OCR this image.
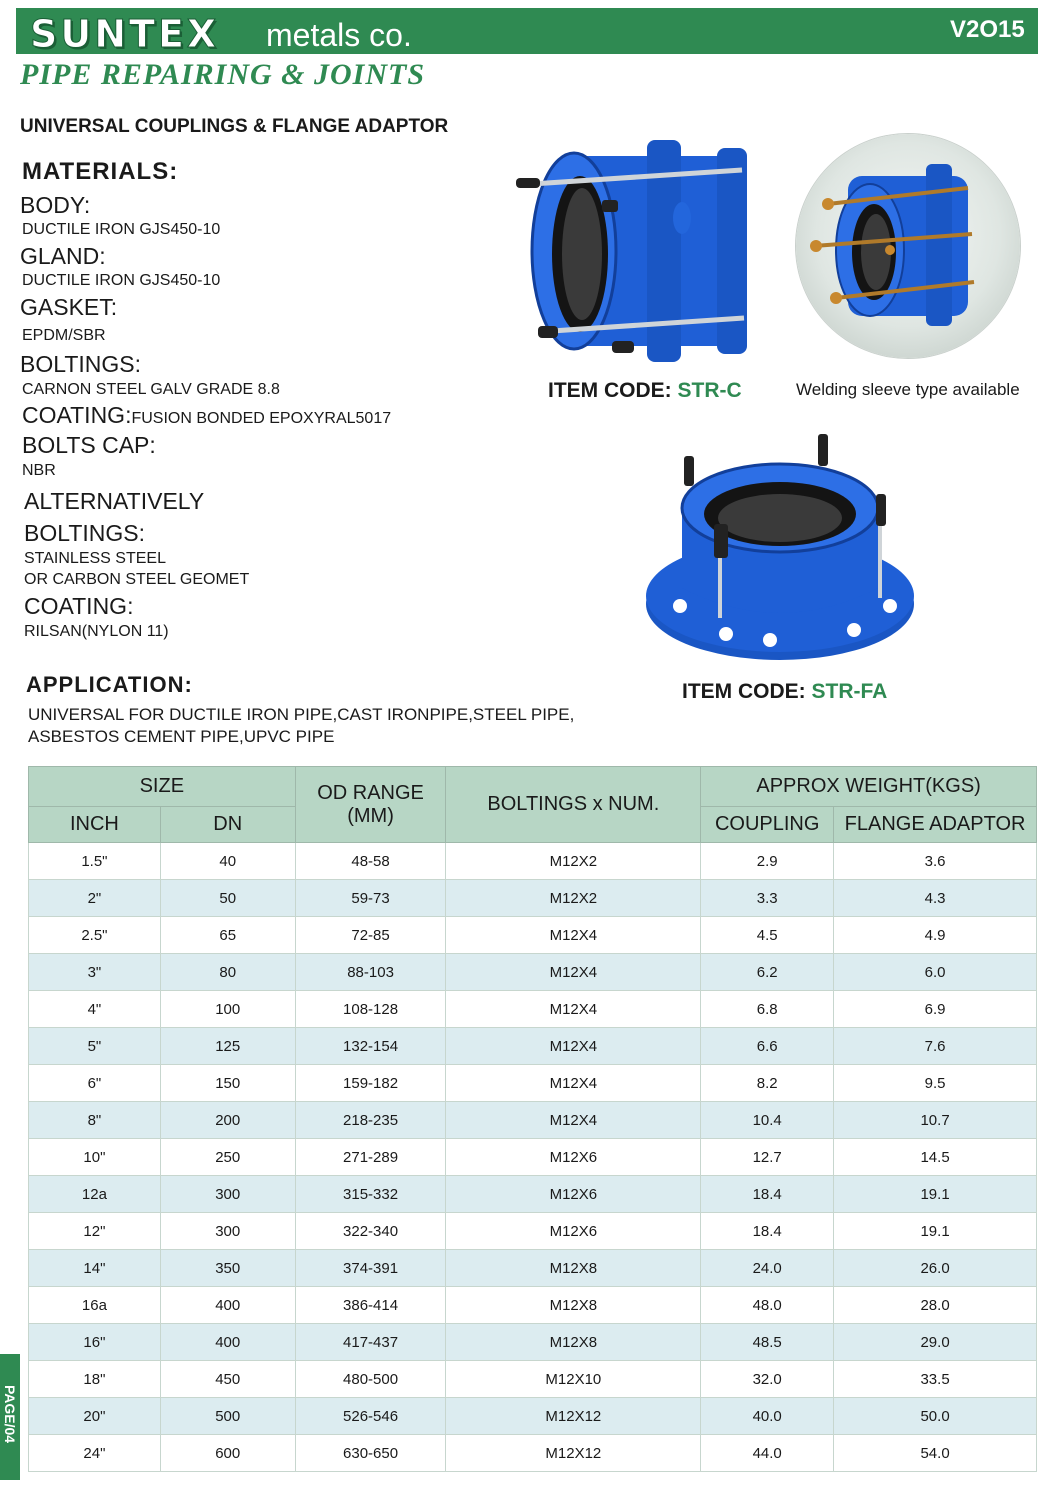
SUNTEX metals co.	V2O15
PIPE REPAIRING & JOINTS
UNIVERSAL COUPLINGS & FLANGE ADAPTOR
MATERIALS:
BODY:
DUCTILE IRON GJS450-10
GLAND:
DUCTILE IRON GJS450-10
GASKET:
EPDM/SBR
BOLTINGS:
CARNON STEEL GALV GRADE 8.8
COATING:FUSION BONDED EPOXYRAL5017
BOLTS CAP:
NBR
ALTERNATIVELY
BOLTINGS:
STAINLESS STEEL
OR CARBON STEEL GEOMET
COATING:
RILSAN(NYLON 11)
APPLICATION:
UNIVERSAL FOR DUCTILE IRON PIPE,CAST IRONPIPE,STEEL PIPE,
ASBESTOS CEMENT PIPE,UPVC PIPE
ITEM CODE: STR-C	Welding sleeve type available
ITEM CODE: STR-FA
SIZE		OD RANGE
(MM)	BOLTINGS x NUM.	APPROX WEIGHT(KGS)	
INCH	DN			COUPLING	FLANGE ADAPTOR
1.5"	40	48-58	M12X2	2.9	3.6
2"	50	59-73	M12X2	3.3	4.3
2.5"	65	72-85	M12X4	4.5	4.9
3"	80	88-103	M12X4	6.2	6.0
4"	100	108-128	M12X4	6.8	6.9
5"	125	132-154	M12X4	6.6	7.6
6"	150	159-182	M12X4	8.2	9.5
8"	200	218-235	M12X4	10.4	10.7
10"	250	271-289	M12X6	12.7	14.5
12a	300	315-332	M12X6	18.4	19.1
12"	300	322-340	M12X6	18.4	19.1
14"	350	374-391	M12X8	24.0	26.0
16a	400	386-414	M12X8	48.0	28.0
16"	400	417-437	M12X8	48.5	29.0
18"	450	480-500	M12X10	32.0	33.5
20"	500	526-546	M12X12	40.0	50.0
24"	600	630-650	M12X12	44.0	54.0
PAGE/04
